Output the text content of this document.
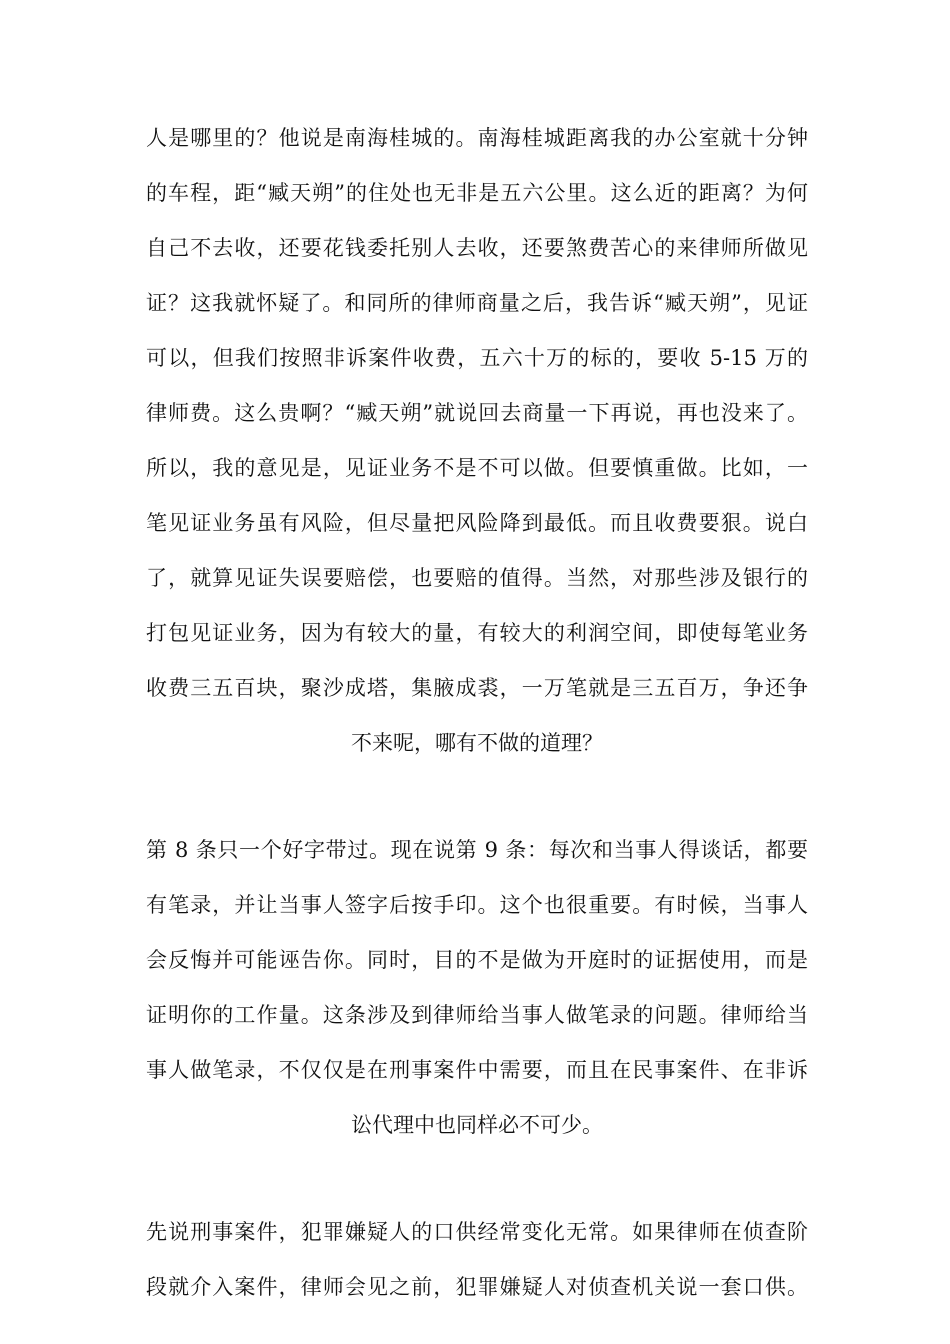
人是哪里的？他说是南海桂城的。南海桂城距离我的办公室就十分钟
的车程，距“臧天朔”的住处也无非是五六公里。这么近的距离？为何
自己不去收，还要花钱委托别人去收，还要煞费苦心的来律师所做见
证？这我就怀疑了。和同所的律师商量之后，我告诉“臧天朔”，见证
可以，但我们按照非诉案件收费，五六十万的标的，要收 5-15 万的
律师费。这么贵啊？“臧天朔”就说回去商量一下再说，再也没来了。
所以，我的意见是，见证业务不是不可以做。但要慎重做。比如，一
笔见证业务虽有风险，但尽量把风险降到最低。而且收费要狠。说白
了，就算见证失误要赔偿，也要赔的值得。当然，对那些涉及银行的
打包见证业务，因为有较大的量，有较大的利润空间，即使每笔业务
收费三五百块，聚沙成塔，集腋成裘，一万笔就是三五百万，争还争
不来呢，哪有不做的道理？
第 8 条只一个好字带过。现在说第 9 条：每次和当事人得谈话，都要
有笔录，并让当事人签字后按手印。这个也很重要。有时候，当事人
会反悔并可能诬告你。同时，目的不是做为开庭时的证据使用，而是
证明你的工作量。这条涉及到律师给当事人做笔录的问题。律师给当
事人做笔录，不仅仅是在刑事案件中需要，而且在民事案件、在非诉
讼代理中也同样必不可少。
先说刑事案件，犯罪嫌疑人的口供经常变化无常。如果律师在侦查阶
段就介入案件，律师会见之前，犯罪嫌疑人对侦查机关说一套口供。
